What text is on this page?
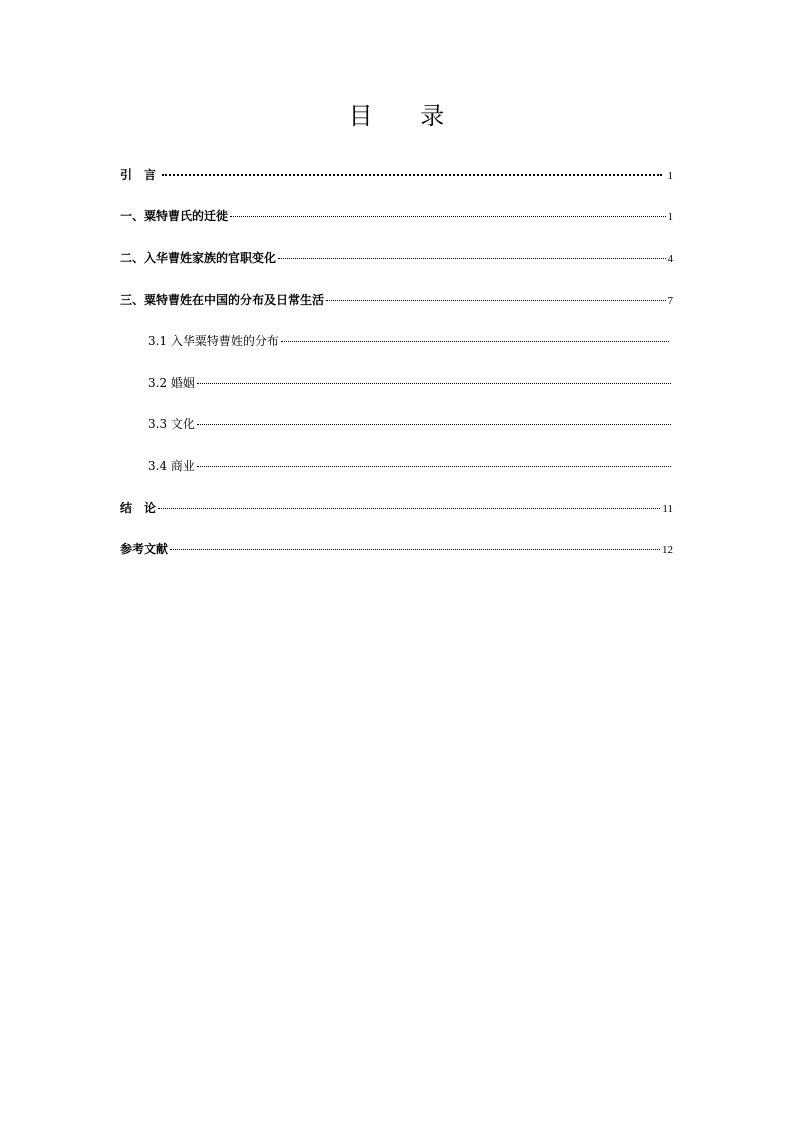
目 录
引　言	1
一、粟特曹氏的迁徙	1
二、入华曹姓家族的官职变化	4
三、粟特曹姓在中国的分布及日常生活	7
3.1 入华粟特曹姓的分布
3.2 婚姻
3.3 文化
3.4 商业
结　论	11
参考文献	12
